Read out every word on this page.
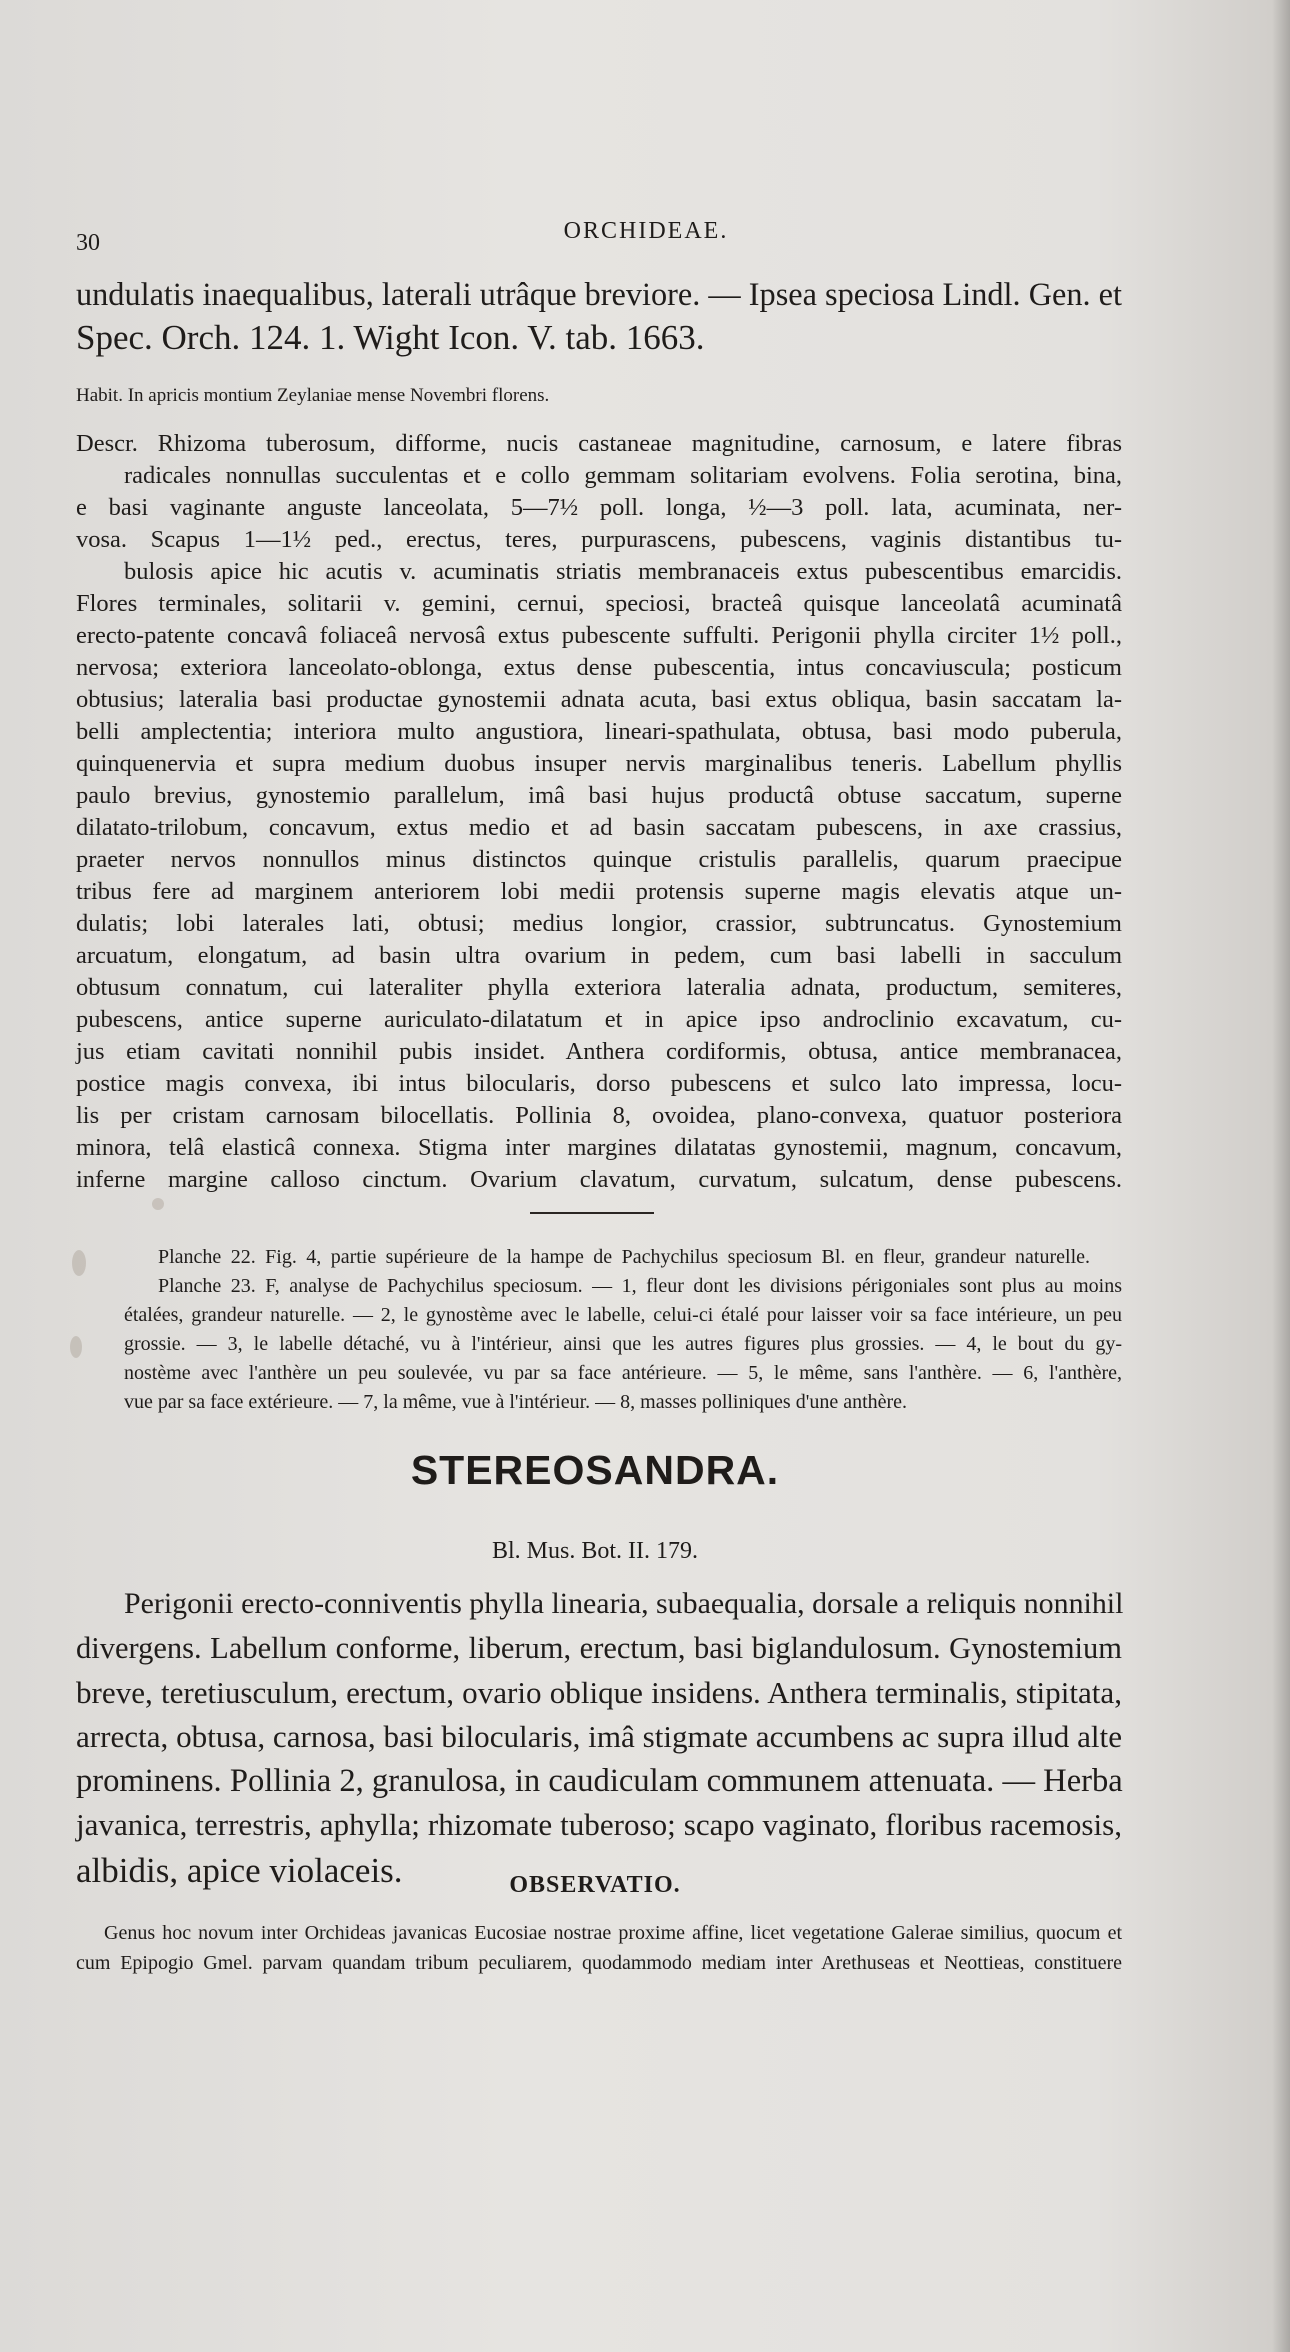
30	ORCHIDEAE.
undulatis inaequalibus, laterali utrâque breviore. — Ipsea speciosa Lindl. Gen. et
Spec. Orch. 124. 1. Wight Icon. V. tab. 1663.
Habit. In apricis montium Zeylaniae mense Novembri florens.
Descr. Rhizoma tuberosum, difforme, nucis castaneae magnitudine, carnosum, e latere fibras
radicales nonnullas succulentas et e collo gemmam solitariam evolvens. Folia serotina, bina,
e basi vaginante anguste lanceolata, 5—7½ poll. longa, ½—3 poll. lata, acuminata, ner-
vosa. Scapus 1—1½ ped., erectus, teres, purpurascens, pubescens, vaginis distantibus tu-
bulosis apice hic acutis v. acuminatis striatis membranaceis extus pubescentibus emarcidis.
Flores terminales, solitarii v. gemini, cernui, speciosi, bracteâ quisque lanceolatâ acuminatâ
erecto-patente concavâ foliaceâ nervosâ extus pubescente suffulti. Perigonii phylla circiter 1½ poll.,
nervosa; exteriora lanceolato-oblonga, extus dense pubescentia, intus concaviuscula; posticum
obtusius; lateralia basi productae gynostemii adnata acuta, basi extus obliqua, basin saccatam la-
belli amplectentia; interiora multo angustiora, lineari-spathulata, obtusa, basi modo puberula,
quinquenervia et supra medium duobus insuper nervis marginalibus teneris. Labellum phyllis
paulo brevius, gynostemio parallelum, imâ basi hujus productâ obtuse saccatum, superne
dilatato-trilobum, concavum, extus medio et ad basin saccatam pubescens, in axe crassius,
praeter nervos nonnullos minus distinctos quinque cristulis parallelis, quarum praecipue
tribus fere ad marginem anteriorem lobi medii protensis superne magis elevatis atque un-
dulatis; lobi laterales lati, obtusi; medius longior, crassior, subtruncatus. Gynostemium
arcuatum, elongatum, ad basin ultra ovarium in pedem, cum basi labelli in sacculum
obtusum connatum, cui lateraliter phylla exteriora lateralia adnata, productum, semiteres,
pubescens, antice superne auriculato-dilatatum et in apice ipso androclinio excavatum, cu-
jus etiam cavitati nonnihil pubis insidet. Anthera cordiformis, obtusa, antice membranacea,
postice magis convexa, ibi intus bilocularis, dorso pubescens et sulco lato impressa, locu-
lis per cristam carnosam bilocellatis. Pollinia 8, ovoidea, plano-convexa, quatuor posteriora
minora, telâ elasticâ connexa. Stigma inter margines dilatatas gynostemii, magnum, concavum,
inferne margine calloso cinctum. Ovarium clavatum, curvatum, sulcatum, dense pubescens.
Planche 22. Fig. 4, partie supérieure de la hampe de Pachychilus speciosum Bl. en fleur, grandeur naturelle.
Planche 23. F, analyse de Pachychilus speciosum. — 1, fleur dont les divisions périgoniales sont plus au moins
étalées, grandeur naturelle. — 2, le gynostème avec le labelle, celui-ci étalé pour laisser voir sa face intérieure, un peu
grossie. — 3, le labelle détaché, vu à l'intérieur, ainsi que les autres figures plus grossies. — 4, le bout du gy-
nostème avec l'anthère un peu soulevée, vu par sa face antérieure. — 5, le même, sans l'anthère. — 6, l'anthère,
vue par sa face extérieure. — 7, la même, vue à l'intérieur. — 8, masses polliniques d'une anthère.
STEREOSANDRA.
Bl. Mus. Bot. II. 179.
Perigonii erecto-conniventis phylla linearia, subaequalia, dorsale a reliquis nonnihil
divergens. Labellum conforme, liberum, erectum, basi biglandulosum. Gynostemium
breve, teretiusculum, erectum, ovario oblique insidens. Anthera terminalis, stipitata,
arrecta, obtusa, carnosa, basi bilocularis, imâ stigmate accumbens ac supra illud alte
prominens. Pollinia 2, granulosa, in caudiculam communem attenuata. — Herba
javanica, terrestris, aphylla; rhizomate tuberoso; scapo vaginato, floribus racemosis,
albidis, apice violaceis.	OBSERVATIO.
Genus hoc novum inter Orchideas javanicas Eucosiae nostrae proxime affine, licet vegetatione Galerae similius, quocum et
cum Epipogio Gmel. parvam quandam tribum peculiarem, quodammodo mediam inter Arethuseas et Neottieas, constituere
